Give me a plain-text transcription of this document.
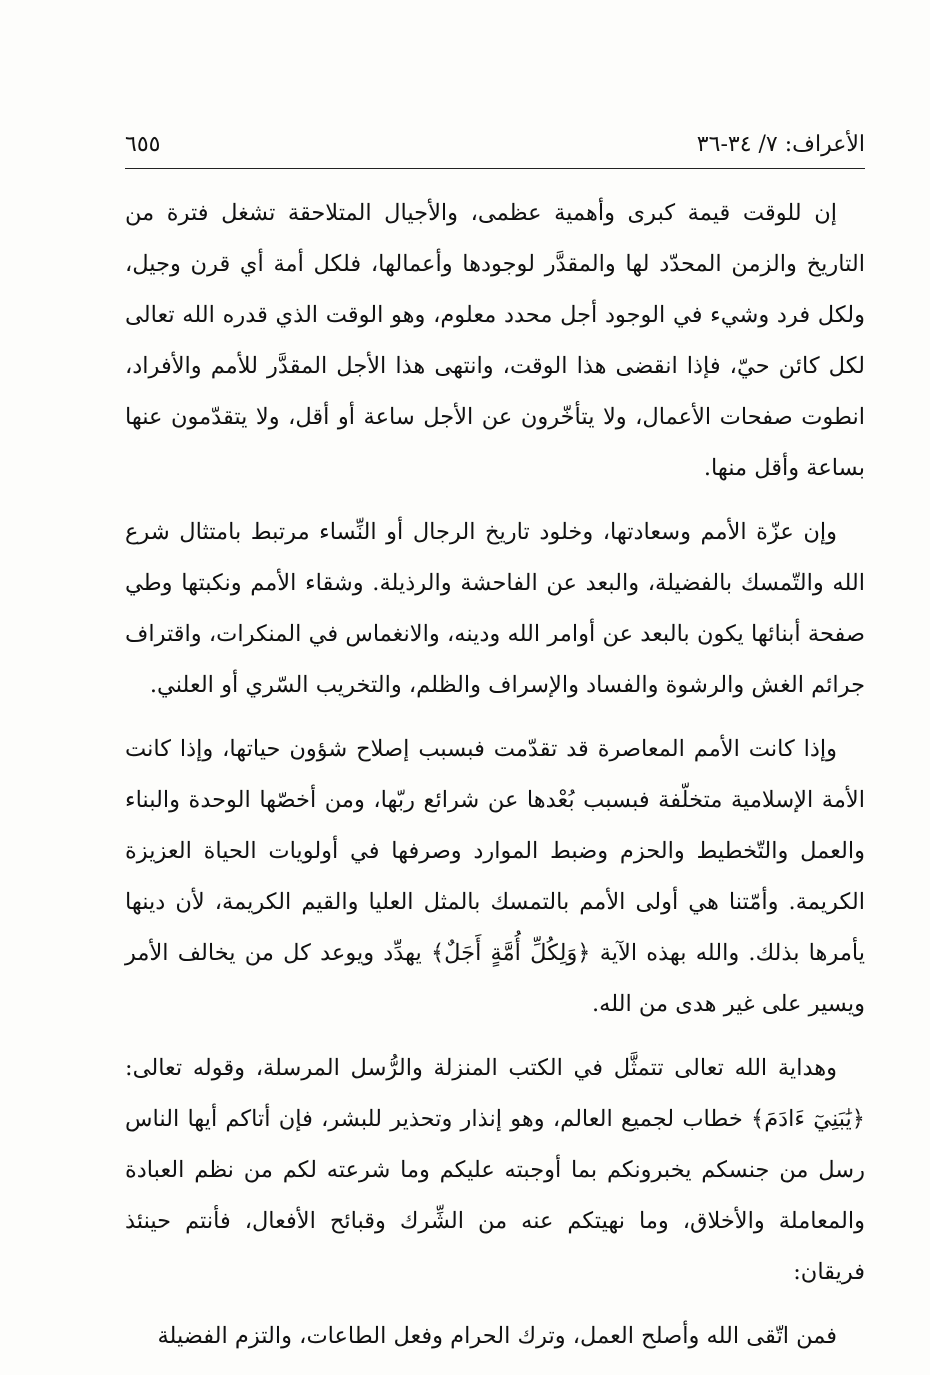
الأعراف: ٧/ ٣٤-٣٦
٦٥٥

إن للوقت قيمة كبرى وأهمية عظمى، والأجيال المتلاحقة تشغل فترة من التاريخ والزمن المحدّد لها والمقدَّر لوجودها وأعمالها، فلكل أمة أي قرن وجيل، ولكل فرد وشيء في الوجود أجل محدد معلوم، وهو الوقت الذي قدره الله تعالى لكل كائن حيّ، فإذا انقضى هذا الوقت، وانتهى هذا الأجل المقدَّر للأمم والأفراد، انطوت صفحات الأعمال، ولا يتأخّرون عن الأجل ساعة أو أقل، ولا يتقدّمون عنها بساعة وأقل منها.

وإن عزّة الأمم وسعادتها، وخلود تاريخ الرجال أو النِّساء مرتبط بامتثال شرع الله والتّمسك بالفضيلة، والبعد عن الفاحشة والرذيلة. وشقاء الأمم ونكبتها وطي صفحة أبنائها يكون بالبعد عن أوامر الله ودينه، والانغماس في المنكرات، واقتراف جرائم الغش والرشوة والفساد والإسراف والظلم، والتخريب السّري أو العلني.

وإذا كانت الأمم المعاصرة قد تقدّمت فبسبب إصلاح شؤون حياتها، وإذا كانت الأمة الإسلامية متخلّفة فبسبب بُعْدها عن شرائع ربّها، ومن أخصّها الوحدة والبناء والعمل والتّخطيط والحزم وضبط الموارد وصرفها في أولويات الحياة العزيزة الكريمة. وأمّتنا هي أولى الأمم بالتمسك بالمثل العليا والقيم الكريمة، لأن دينها يأمرها بذلك. والله بهذه الآية ﴿وَلِكُلِّ أُمَّةٍ أَجَلٌ﴾ يهدِّد ويوعد كل من يخالف الأمر ويسير على غير هدى من الله.

وهداية الله تعالى تتمثَّل في الكتب المنزلة والرُّسل المرسلة، وقوله تعالى: ﴿يَٰبَنِيٓ ءَادَمَ﴾ خطاب لجميع العالم، وهو إنذار وتحذير للبشر، فإن أتاكم أيها الناس رسل من جنسكم يخبرونكم بما أوجبته عليكم وما شرعته لكم من نظم العبادة والمعاملة والأخلاق، وما نهيتكم عنه من الشِّرك وقبائح الأفعال، فأنتم حينئذ فريقان:

فمن اتّقى الله وأصلح العمل، وترك الحرام وفعل الطاعات، والتزم الفضيلة
